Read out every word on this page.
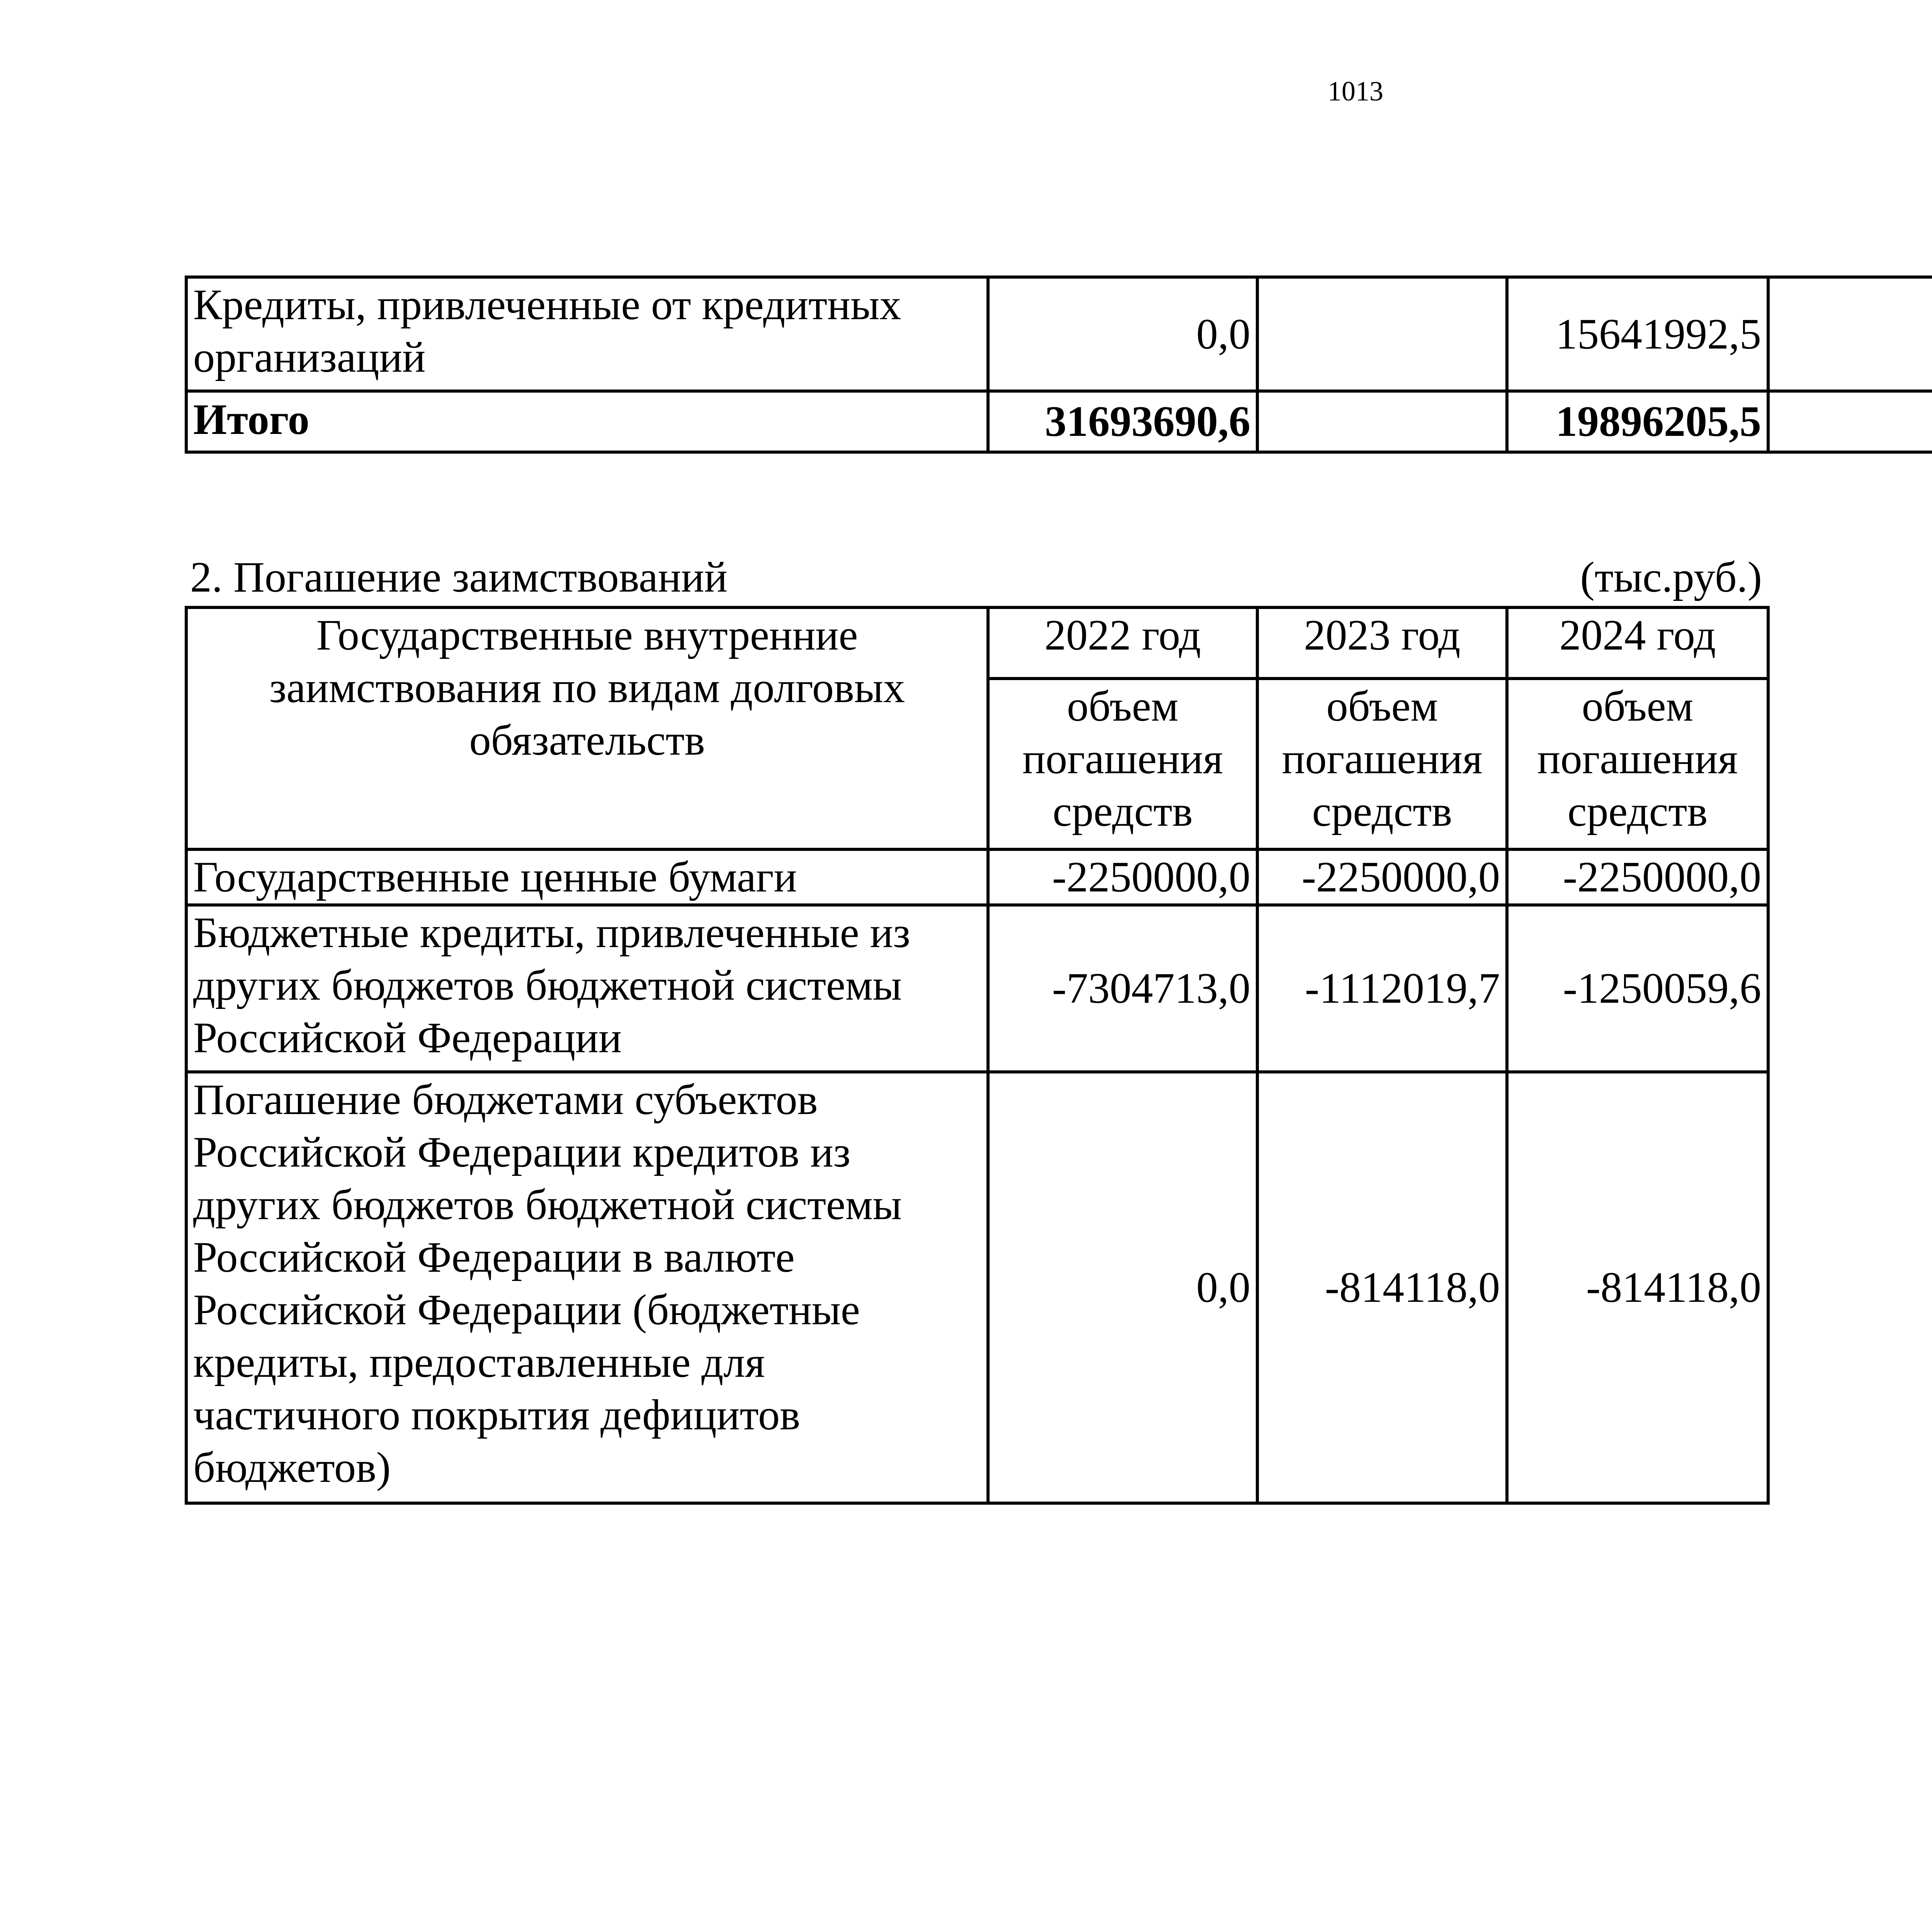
1013
Кредиты, привлеченные от кредитных организаций	0,0		15641992,5			
Итого	31693690,6		19896205,5			
2. Погашение заимствований	(тыс.руб.)
Государственные внутренние заимствования по видам долговых обязательств	2022 год	2023 год	2024 год
	объем погашения средств	объем погашения средств	объем погашения средств
Государственные ценные бумаги	-2250000,0	-2250000,0	-2250000,0
Бюджетные кредиты, привлеченные из других бюджетов бюджетной системы Российской Федерации	-7304713,0	-1112019,7	-1250059,6
Погашение бюджетами субъектов Российской Федерации кредитов из других бюджетов бюджетной системы Российской Федерации в валюте Российской Федерации (бюджетные кредиты, предоставленные для частичного покрытия дефицитов бюджетов)	0,0	-814118,0	-814118,0
